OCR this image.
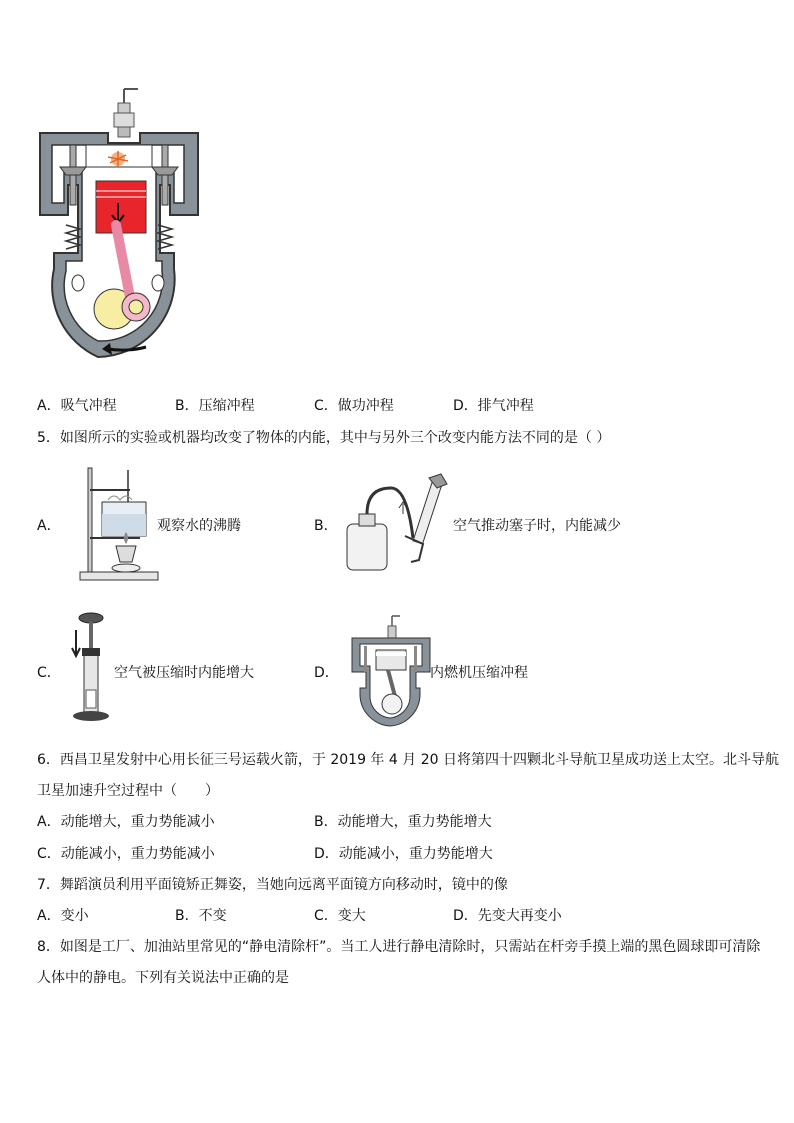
A．吸气冲程	B．压缩冲程	C．做功冲程	D．排气冲程
5．如图所示的实验或机器均改变了物体的内能，其中与另外三个改变内能方法不同的是（ ）
A．	观察水的沸腾	B．	空气推动塞子时，内能减少
C．	空气被压缩时内能增大	D．	内燃机压缩冲程
6．西昌卫星发射中心用长征三号运载火箭，于 2019 年 4 月 20 日将第四十四颗北斗导航卫星成功送上太空。北斗导航
卫星加速升空过程中（　　）
A．动能增大，重力势能减小	B．动能增大，重力势能增大
C．动能减小，重力势能减小	D．动能减小，重力势能增大
7．舞蹈演员利用平面镜矫正舞姿，当她向远离平面镜方向移动时，镜中的像
A．变小	B．不变	C．变大	D．先变大再变小
8．如图是工厂、加油站里常见的“静电清除杆”。当工人进行静电清除时，只需站在杆旁手摸上端的黑色圆球即可清除
人体中的静电。下列有关说法中正确的是
